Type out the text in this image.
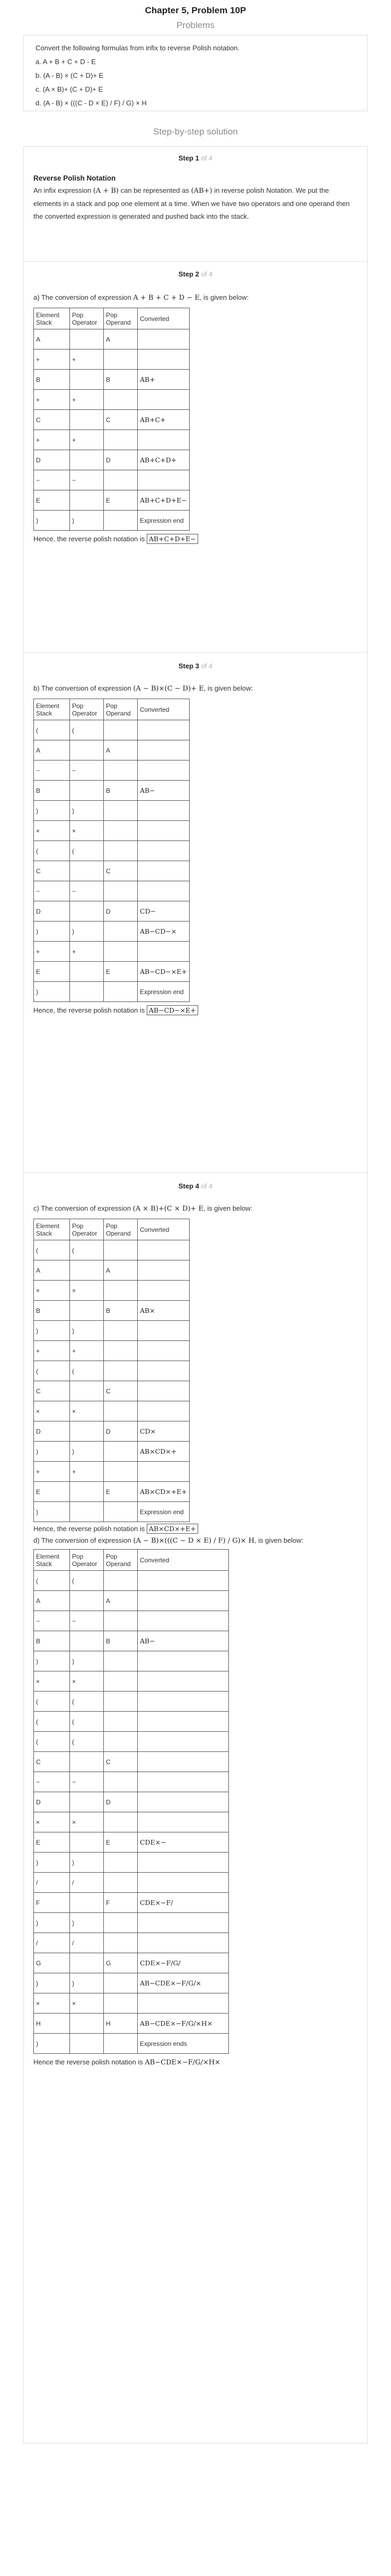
Chapter 5, Problem 10P
Problems

Convert the following formulas from infix to reverse Polish notation.

a. A + B + C + D - E
b. (A - B) × (C + D)+ E
c. (A × B)+ (C + D)+ E
d. (A - B) × (((C - D × E) / F) / G) × H
Step-by-step solution
Step 1 of 4
Reverse Polish Notation

An infix expression (A + B) can be represented as (AB+) in reverse polish Notation. We put the elements in a stack and pop one element at a time. When we have two operators and one operand then the converted expression is generated and pushed back into the stack.

Step 2 of 4

a) The conversion of expression A + B + C + D − E, is given below:

Element Stack	Pop Operator	Pop Operand	Converted
A		A	
+	+		
B		B	AB+
+	+		
C		C	AB+C+
+	+		
D		D	AB+C+D+
−	−		
E		E	AB+C+D+E−
)	)		Expression end

Hence, the reverse polish notation is AB+C+D+E−

Step 3 of 4

b) The conversion of expression (A − B)×(C − D)+ E, is given below:

Element Stack	Pop Operator	Pop Operand	Converted
(	(		
A		A	
−	−		
B		B	AB−
)	)		
×	×		
(	(		
C		C	
−	−		
D		D	CD−
)	)		AB−CD−×
+	+		
E		E	AB−CD−×E+
)			Expression end

Hence, the reverse polish notation is AB−CD−×E+

Step 4 of 4

c) The conversion of expression (A × B)+(C × D)+ E, is given below:

Element Stack	Pop Operator	Pop Operand	Converted
(	(		
A		A	
×	×		
B		B	AB×
)	)		
+	+		
(	(		
C		C	
×	×		
D		D	CD×
)	)		AB×CD×+
+	+		
E		E	AB×CD×+E+
)			Expression end

Hence, the reverse polish notation is AB×CD×+E+

d) The conversion of expression (A − B)×(((C − D × E) / F) / G)× H, is given below:

Element Stack	Pop Operator	Pop Operand	Converted
(	(		
A		A	
−	−		
B		B	AB−
)	)		
×	×		
(	(		
(	(		
(	(		
C		C	
−	−		
D		D	
×	×		
E		E	CDE×−
)	)		
/	/		
F		F	CDE×−F/
)	)		
/	/		
G		G	CDE×−F/G/
)	)		AB−CDE×−F/G/×
×	×		
H		H	AB−CDE×−F/G/×H×
)			Expression ends

Hence the reverse polish notation is AB−CDE×−F/G/×H×
